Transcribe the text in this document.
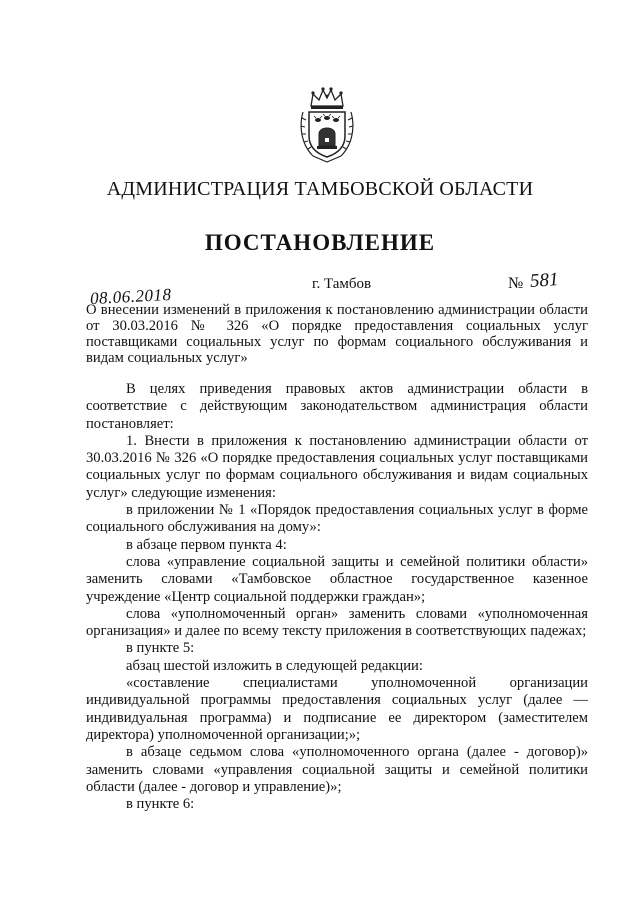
АДМИНИСТРАЦИЯ ТАМБОВСКОЙ ОБЛАСТИ
ПОСТАНОВЛЕНИЕ
08.06.2018
г. Тамбов	№ 581
О внесении изменений в приложения к постановлению администрации области от 30.03.2016 № 326 «О порядке предоставления социальных услуг поставщиками социальных услуг по формам социального обслуживания и видам социальных услуг»

В целях приведения правовых актов администрации области в соответствие с действующим законодательством администрация области постановляет:

1. Внести в приложения к постановлению администрации области от 30.03.2016 № 326 «О порядке предоставления социальных услуг поставщиками социальных услуг по формам социального обслуживания и видам социальных услуг» следующие изменения:

в приложении № 1 «Порядок предоставления социальных услуг в форме социального обслуживания на дому»:

в абзаце первом пункта 4:

слова «управление социальной защиты и семейной политики области» заменить словами «Тамбовское областное государственное казенное учреждение «Центр социальной поддержки граждан»;

слова «уполномоченный орган» заменить словами «уполномоченная организация» и далее по всему тексту приложения в соответствующих падежах;

в пункте 5:

абзац шестой изложить в следующей редакции:

«составление специалистами уполномоченной организации индивидуальной программы предоставления социальных услуг (далее — индивидуальная программа) и подписание ее директором (заместителем директора) уполномоченной организации;»;

в абзаце седьмом слова «уполномоченного органа (далее - договор)» заменить словами «управления социальной защиты и семейной политики области (далее - договор и управление)»;

в пункте 6:
